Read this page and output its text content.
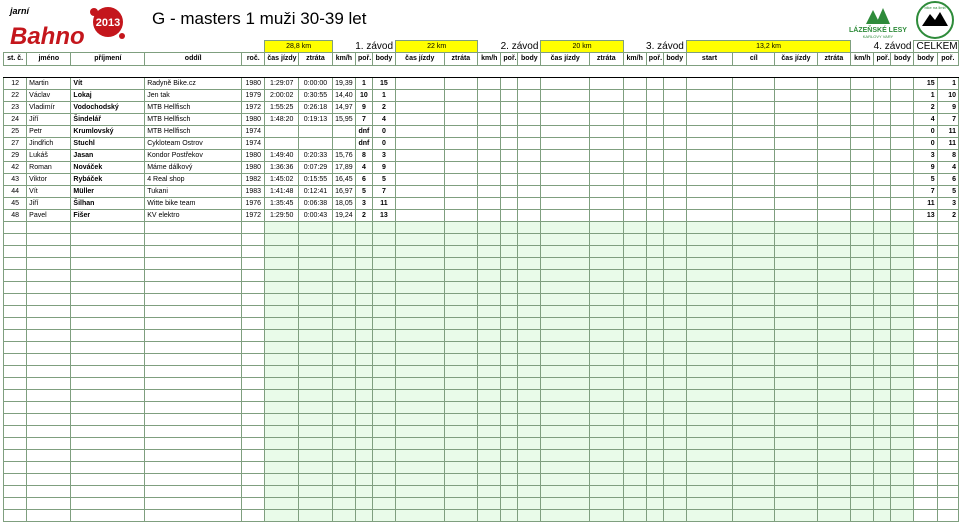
jarní
Bahno 2013 G - masters 1 muži 30-39 let
LÁZEŇSKÉ LESY
KARLOVY VARY
bike na limit
					28,8 km		1. závod			22 km		2. závod			20 km		3. závod			13,2 km				4. závod			CELKEM	
st. č.	jméno	příjmení	oddíl	roč.	čas jízdy	ztráta	km/h	poř.	body	čas jízdy	ztráta	km/h	poř.	body	čas jízdy	ztráta	km/h	poř.	body	start	cíl	čas jízdy	ztráta	km/h	poř.	body	body	poř.

12	Martin	Vít	Radyně Bike.cz	1980	1:29:07	0:00:00	19,39	1	15																		15	1
22	Václav	Lokaj	Jen tak	1979	2:00:02	0:30:55	14,40	10	1																		1	10
23	Vladimír	Vodochodský	MTB Hellfisch	1972	1:55:25	0:26:18	14,97	9	2																		2	9
24	Jiří	Šindelář	MTB Hellfisch	1980	1:48:20	0:19:13	15,95	7	4																		4	7
25	Petr	Krumlovský	MTB Hellfisch	1974				dnf	0																		0	11
27	Jindřich	Stuchl	Cykloteam Ostrov	1974				dnf	0																		0	11
29	Lukáš	Jasan	Kondor Postřekov	1980	1:49:40	0:20:33	15,76	8	3																		3	8
42	Roman	Nováček	Máme dálkový	1980	1:36:36	0:07:29	17,89	4	9																		9	4
43	Viktor	Rybáček	4 Real shop	1982	1:45:02	0:15:55	16,45	6	5																		5	6
44	Vít	Müller	Tukani	1983	1:41:48	0:12:41	16,97	5	7																		7	5
45	Jiří	Šilhan	Witte bike team	1976	1:35:45	0:06:38	18,05	3	11																		11	3
48	Pavel	Fišer	KV elektro	1972	1:29:50	0:00:43	19,24	2	13																		13	2
